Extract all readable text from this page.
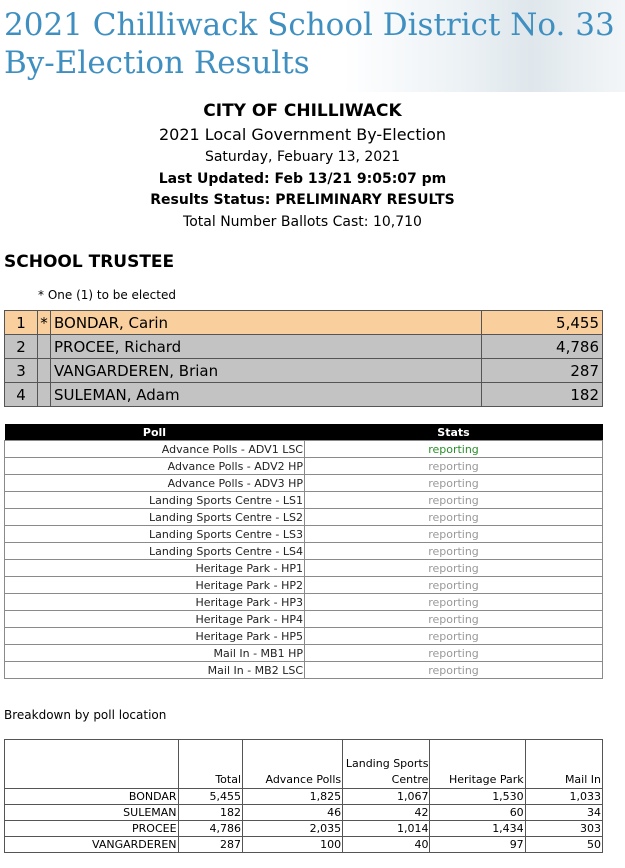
2021 Chilliwack School District No. 33 By-Election Results

CITY OF CHILLIWACK

2021 Local Government By-Election

Saturday, Febuary 13, 2021

Last Updated: Feb 13/21 9:05:07 pm

Results Status: PRELIMINARY RESULTS

Total Number Ballots Cast: 10,710

SCHOOL TRUSTEE
* One (1) to be elected
1	*	BONDAR, Carin	5,455
2		PROCEE, Richard	4,786
3		VANGARDEREN, Brian	287
4		SULEMAN, Adam	182
Poll	Stats
Advance Polls - ADV1 LSC	reporting
Advance Polls - ADV2 HP	reporting
Advance Polls - ADV3 HP	reporting
Landing Sports Centre - LS1	reporting
Landing Sports Centre - LS2	reporting
Landing Sports Centre - LS3	reporting
Landing Sports Centre - LS4	reporting
Heritage Park - HP1	reporting
Heritage Park - HP2	reporting
Heritage Park - HP3	reporting
Heritage Park - HP4	reporting
Heritage Park - HP5	reporting
Mail In - MB1 HP	reporting
Mail In - MB2 LSC	reporting
Breakdown by poll location
	Total	Advance Polls	Landing Sports Centre	Heritage Park	Mail In
BONDAR	5,455	1,825	1,067	1,530	1,033
SULEMAN	182	46	42	60	34
PROCEE	4,786	2,035	1,014	1,434	303
VANGARDEREN	287	100	40	97	50
